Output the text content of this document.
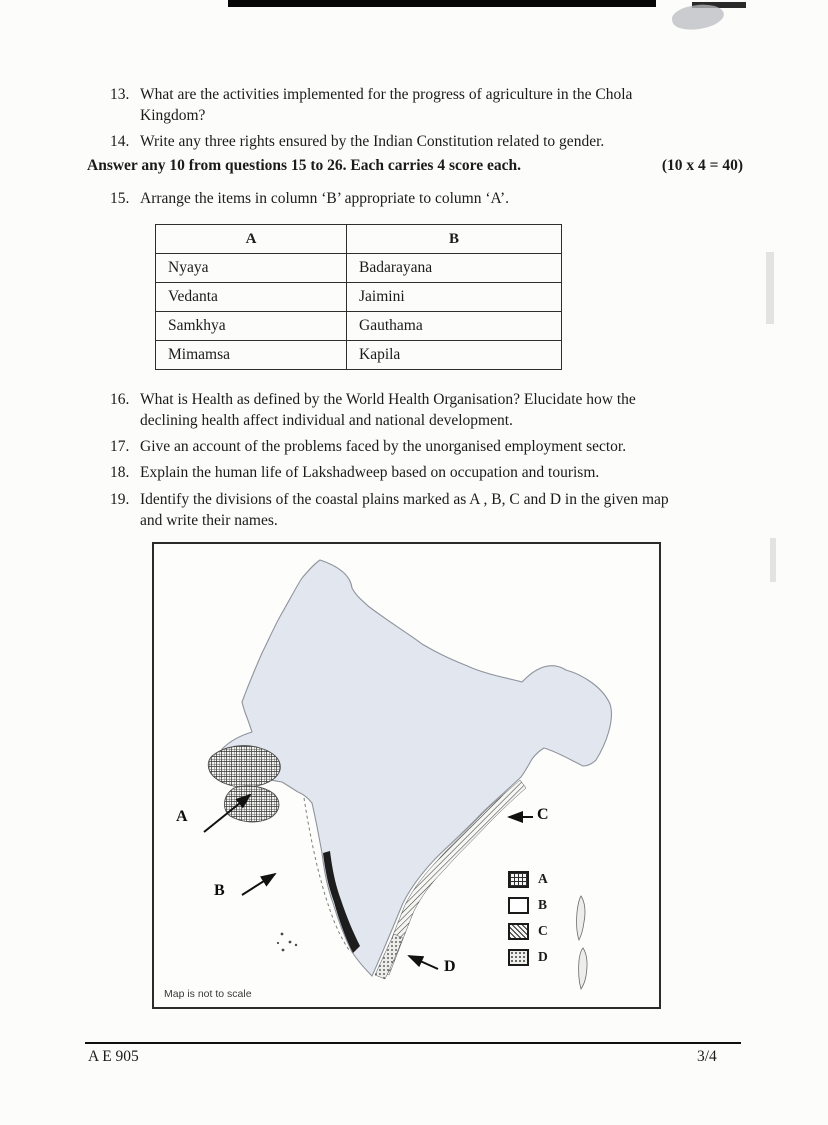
13. What are the activities implemented for the progress of agriculture in the Chola Kingdom?
14. Write any three rights ensured by the Indian Constitution related to gender.
Answer any 10 from questions 15 to 26. Each carries 4 score each.	(10 x 4 = 40)
15. Arrange the items in column ‘B’ appropriate to column ‘A’.
A	B
Nyaya	Badarayana
Vedanta	Jaimini
Samkhya	Gauthama
Mimamsa	Kapila
16. What is Health as defined by the World Health Organisation? Elucidate how the declining health affect individual and national development.
17. Give an account of the problems faced by the unorganised employment sector.
18. Explain the human life of Lakshadweep based on occupation and tourism.
19. Identify the divisions of the coastal plains marked as A , B, C and D in the given map and write their names.
A
B
C
D
A
B
C
D
Map is not to scale
A E 905	3/4
